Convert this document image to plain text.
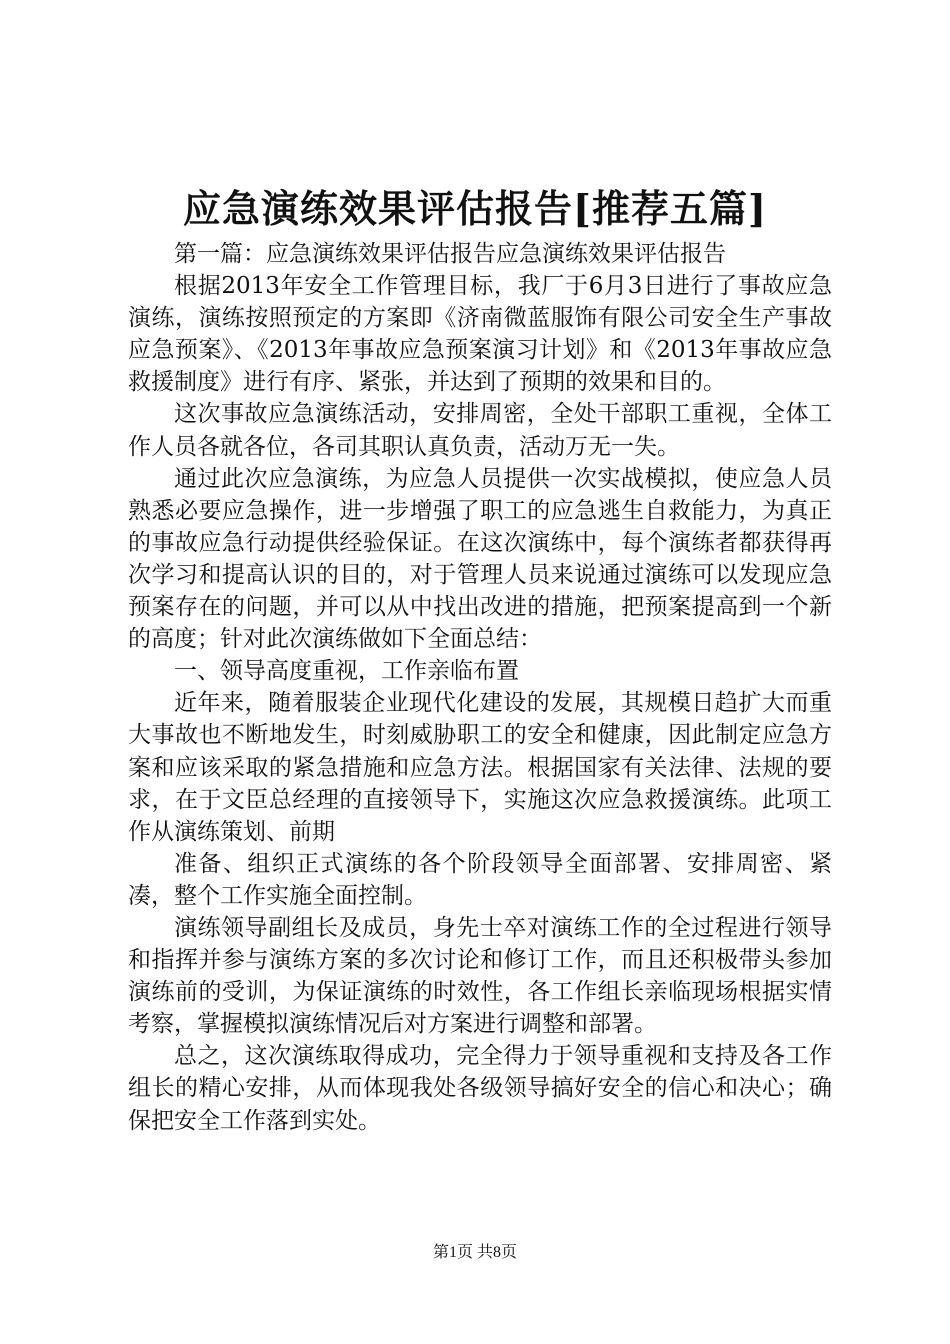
应急演练效果评估报告[推荐五篇]

第一篇：应急演练效果评估报告应急演练效果评估报告

根据2013年安全工作管理目标，我厂于6月3日进行了事故应急演练，演练按照预定的方案即《济南微蓝服饰有限公司安全生产事故应急预案》、《2013年事故应急预案演习计划》和《2013年事故应急救援制度》进行有序、紧张，并达到了预期的效果和目的。

这次事故应急演练活动，安排周密，全处干部职工重视，全体工作人员各就各位，各司其职认真负责，活动万无一失。

通过此次应急演练，为应急人员提供一次实战模拟，使应急人员熟悉必要应急操作，进一步增强了职工的应急逃生自救能力，为真正的事故应急行动提供经验保证。在这次演练中，每个演练者都获得再次学习和提高认识的目的，对于管理人员来说通过演练可以发现应急预案存在的问题，并可以从中找出改进的措施，把预案提高到一个新的高度；针对此次演练做如下全面总结：

一、领导高度重视，工作亲临布置

近年来，随着服装企业现代化建设的发展，其规模日趋扩大而重大事故也不断地发生，时刻威胁职工的安全和健康，因此制定应急方案和应该采取的紧急措施和应急方法。根据国家有关法律、法规的要求，在于文臣总经理的直接领导下，实施这次应急救援演练。此项工作从演练策划、前期

准备、组织正式演练的各个阶段领导全面部署、安排周密、紧凑，整个工作实施全面控制。

演练领导副组长及成员，身先士卒对演练工作的全过程进行领导和指挥并参与演练方案的多次讨论和修订工作，而且还积极带头参加演练前的受训，为保证演练的时效性，各工作组长亲临现场根据实情考察，掌握模拟演练情况后对方案进行调整和部署。

总之，这次演练取得成功，完全得力于领导重视和支持及各工作组长的精心安排，从而体现我处各级领导搞好安全的信心和决心；确保把安全工作落到实处。

第1页 共8页
